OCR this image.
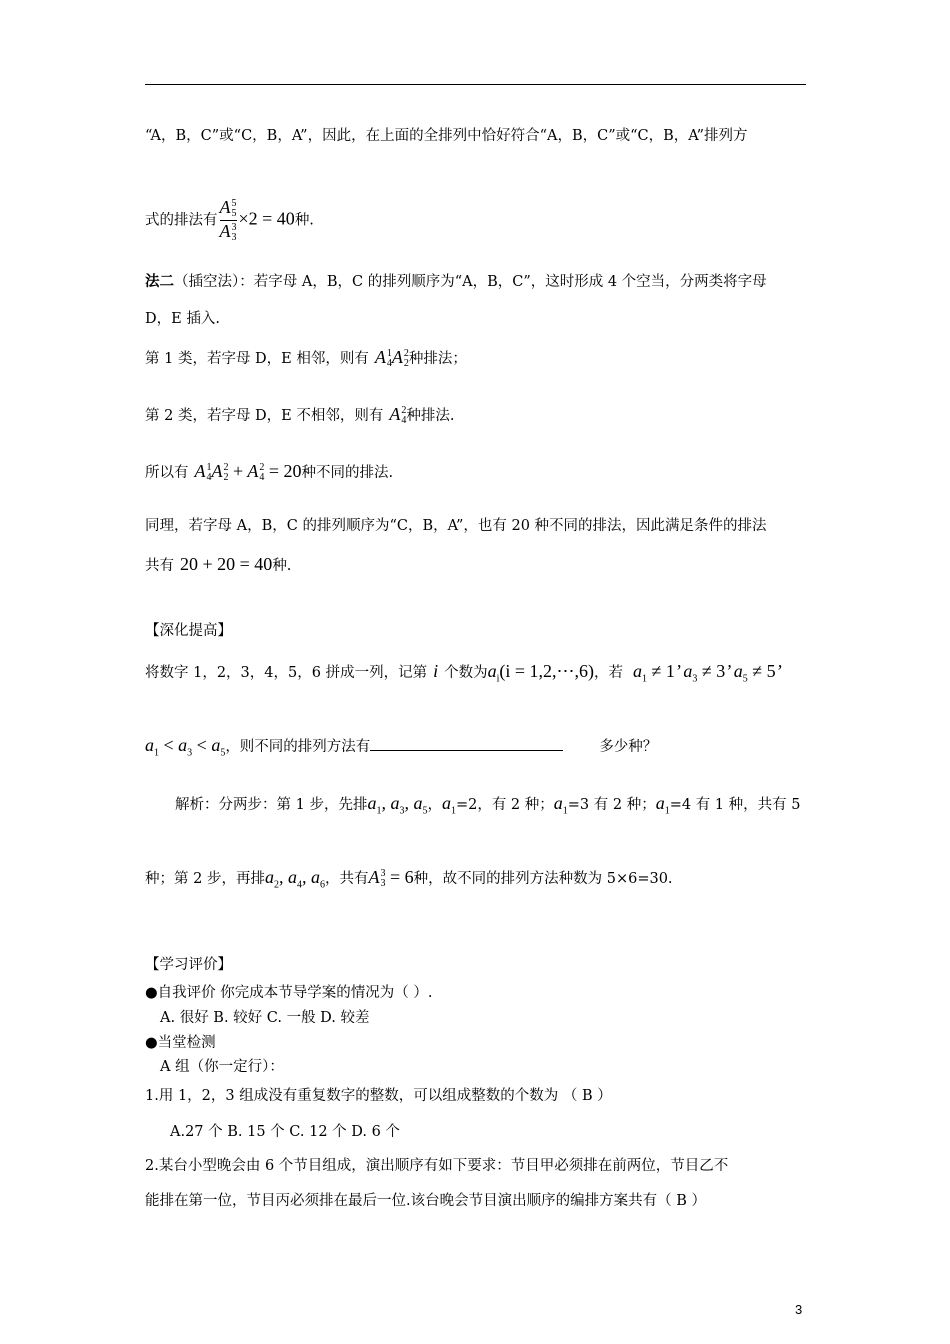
“A，B，C”或“C，B，A”，因此，在上面的全排列中恰好符合“A，B，C”或“C，B，A”排列方
式的排法有 A 5
5
A 3
3 ×2 = 40种.
法二（插空法）：若字母 A，B，C 的排列顺序为“A，B，C”，这时形成 4 个空当，分两类将字母
D，E 插入.
第 1 类，若字母 D，E 相邻，则有 A 1
4 A 2
2 种排法；
第 2 类，若字母 D，E 不相邻，则有 A 2
4 种排法.
所以有 A 1
4 A 2
2 + A 2
4 = 20种不同的排法.
同理，若字母 A，B，C 的排列顺序为“C，B，A”，也有 20 种不同的排法，因此满足条件的排法
共有 20 + 20 = 40种.
【深化提高】
将数字 1，2，3，4，5，6 拼成一列，记第 i 个数为$a_i(i$ = 1,2,⋯,6)，若 $a_1 \ne 1$’ $a_3 \ne 3$’ $a_5 \ne 5$’
$a_1 < a_3 < a_5$，则不同的排列方法有	多少种？
解析：分两步：第 1 步，先排$a_1$, $a_3$, $a_5$，$a_1=2$，有 2 种；$a_1=3$ 有 2 种；$a_1=4$ 有 1 种，共有 5
种；第 2 步，再排$a_2$, $a_4$, $a_6$，共有A 3
3 = 6种，故不同的排列方法种数为 5×6=30.
【学习评价】
●自我评价 你完成本节导学案的情况为（ ）.
A. 很好 B. 较好 C. 一般 D. 较差
●当堂检测
A 组（你一定行）：
1.用 1，2，3 组成没有重复数字的整数，可以组成整数的个数为 （ B ）
A.27 个 B. 15 个 C. 12 个 D. 6 个
2.某台小型晚会由 6 个节目组成，演出顺序有如下要求：节目甲必须排在前两位，节目乙不
能排在第一位，节目丙必须排在最后一位.该台晚会节目演出顺序的编排方案共有（ B ）
3
